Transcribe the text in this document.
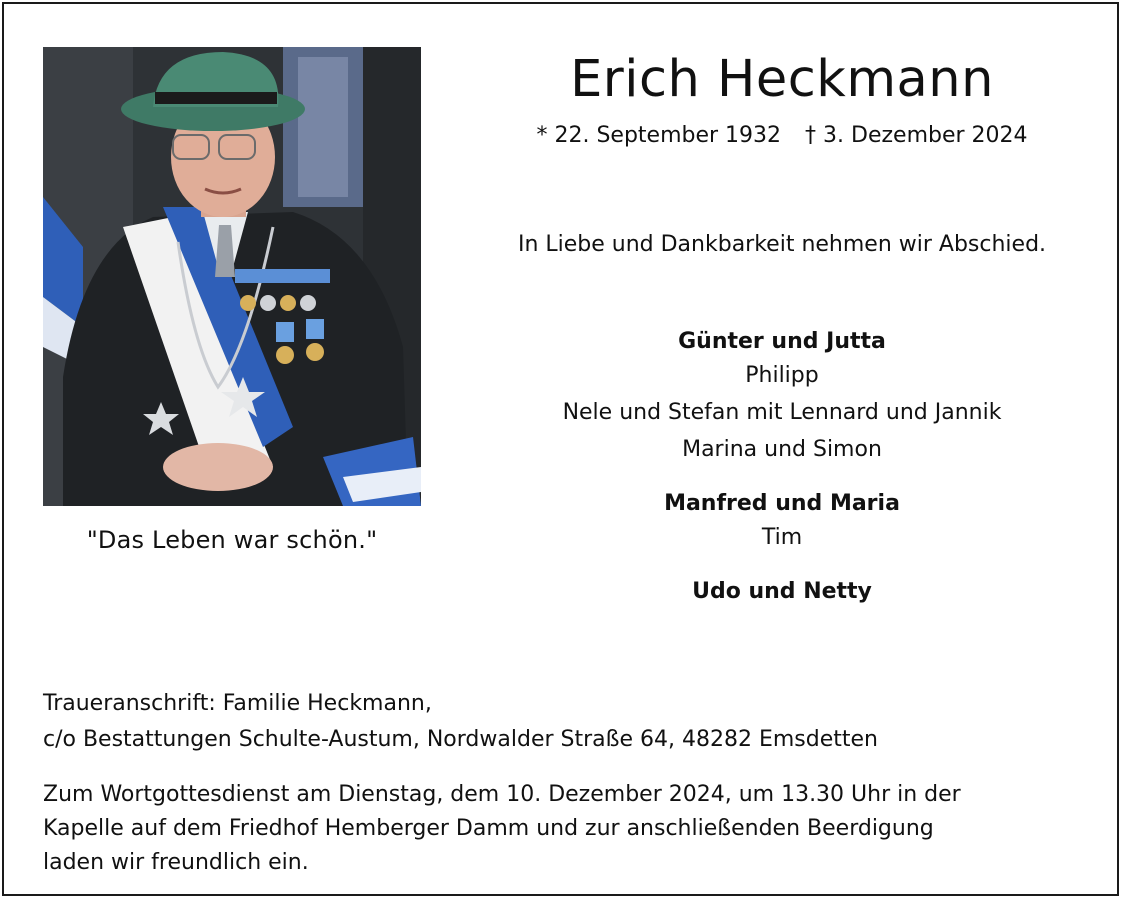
"Das Leben war schön."
Erich Heckmann
* 22. September 1932 † 3. Dezember 2024
In Liebe und Dankbarkeit nehmen wir Abschied.
Günter und Jutta
Philipp
Nele und Stefan mit Lennard und Jannik
Marina und Simon
Manfred und Maria
Tim
Udo und Netty
Traueranschrift: Familie Heckmann,
c/o Bestattungen Schulte-Austum, Nordwalder Straße 64, 48282 Emsdetten
Zum Wortgottesdienst am Dienstag, dem 10. Dezember 2024, um 13.30 Uhr in der
Kapelle auf dem Friedhof Hemberger Damm und zur anschließenden Beerdigung
laden wir freundlich ein.
